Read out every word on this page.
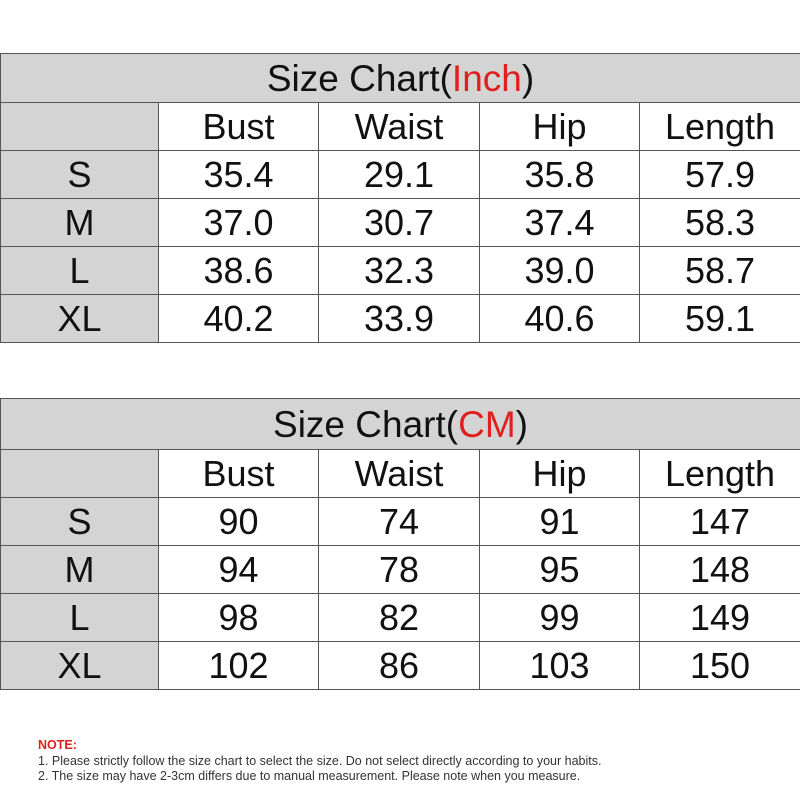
Size Chart(Inch)				
	Bust	Waist	Hip	Length
S	35.4	29.1	35.8	57.9
M	37.0	30.7	37.4	58.3
L	38.6	32.3	39.0	58.7
XL	40.2	33.9	40.6	59.1
Size Chart(CM)				
	Bust	Waist	Hip	Length
S	90	74	91	147
M	94	78	95	148
L	98	82	99	149
XL	102	86	103	150
NOTE:
1. Please strictly follow the size chart to select the size. Do not select directly according to your habits.
2. The size may have 2-3cm differs due to manual measurement. Please note when you measure.
